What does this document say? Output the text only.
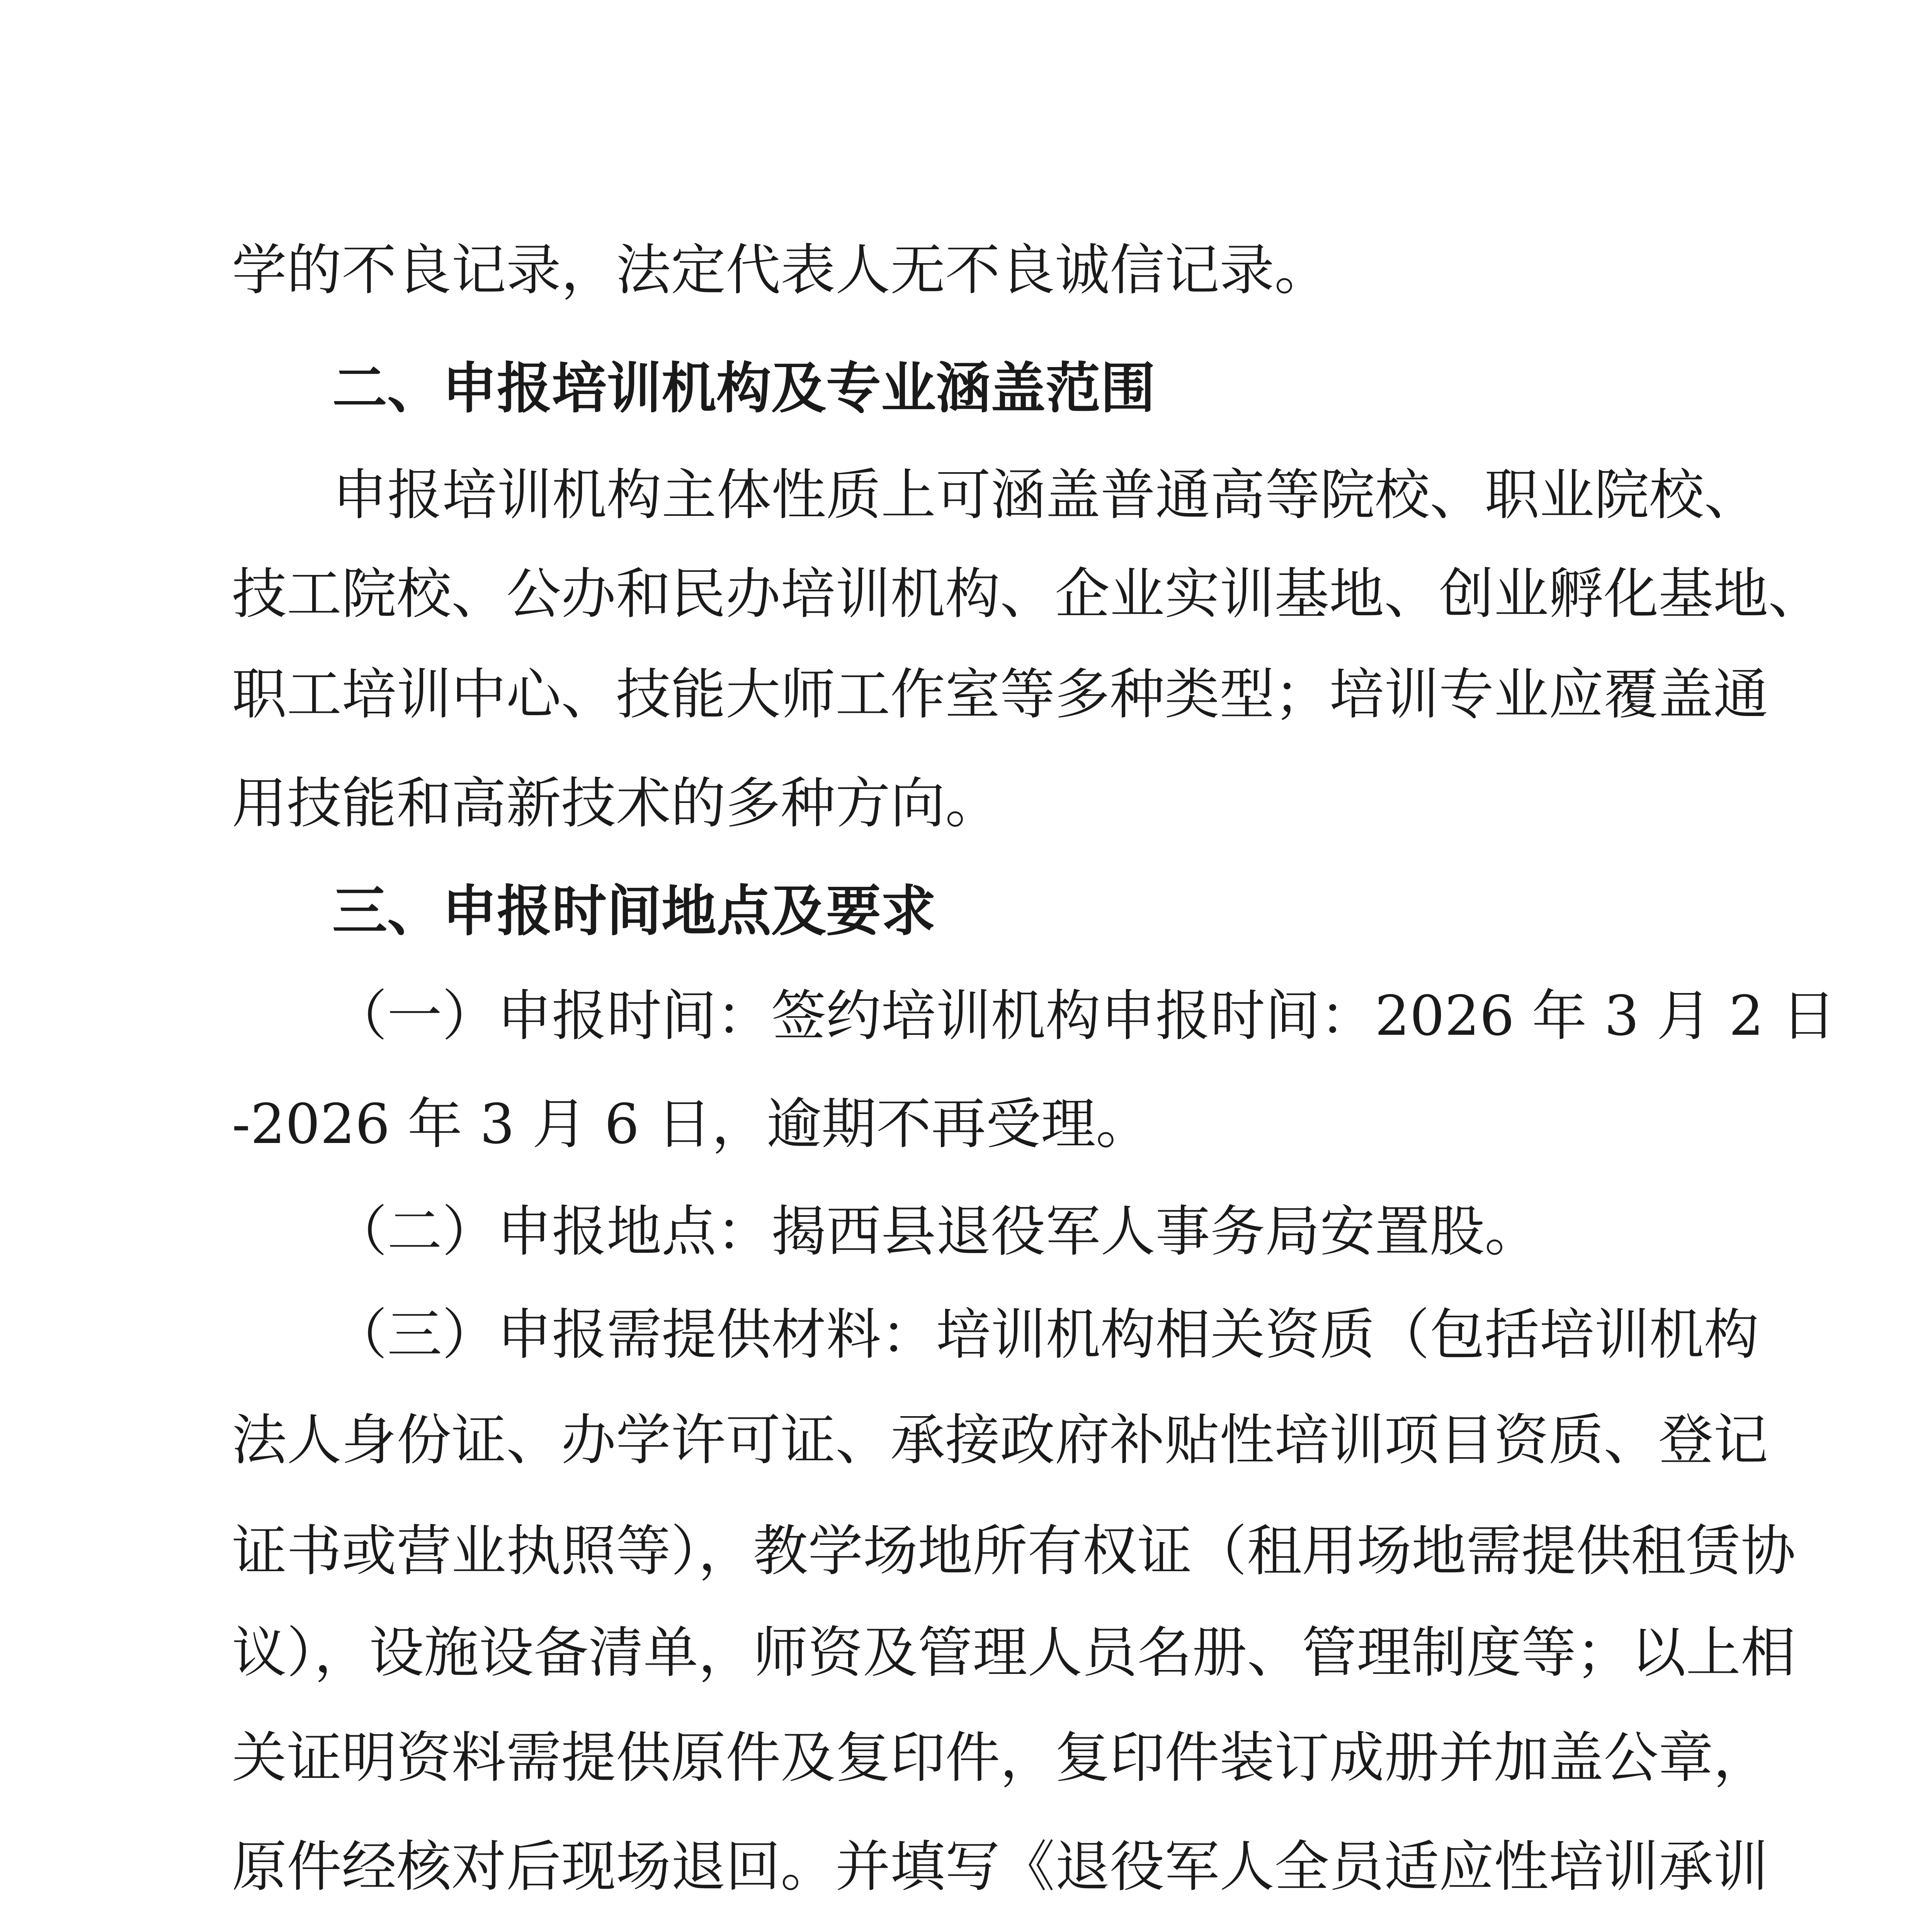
学的不良记录，法定代表人无不良诚信记录。
二、申报培训机构及专业涵盖范围
申报培训机构主体性质上可涵盖普通高等院校、职业院校、
技工院校、公办和民办培训机构、企业实训基地、创业孵化基地、
职工培训中心、技能大师工作室等多种类型；培训专业应覆盖通
用技能和高新技术的多种方向。
三、申报时间地点及要求
（一）申报时间：签约培训机构申报时间：2026 年 3 月 2 日
-2026 年 3 月 6 日，逾期不再受理。
（二）申报地点：揭西县退役军人事务局安置股。
（三）申报需提供材料：培训机构相关资质（包括培训机构
法人身份证、办学许可证、承接政府补贴性培训项目资质、登记
证书或营业执照等），教学场地所有权证（租用场地需提供租赁协
议），设施设备清单，师资及管理人员名册、管理制度等；以上相
关证明资料需提供原件及复印件，复印件装订成册并加盖公章，
原件经核对后现场退回。并填写《退役军人全员适应性培训承训
